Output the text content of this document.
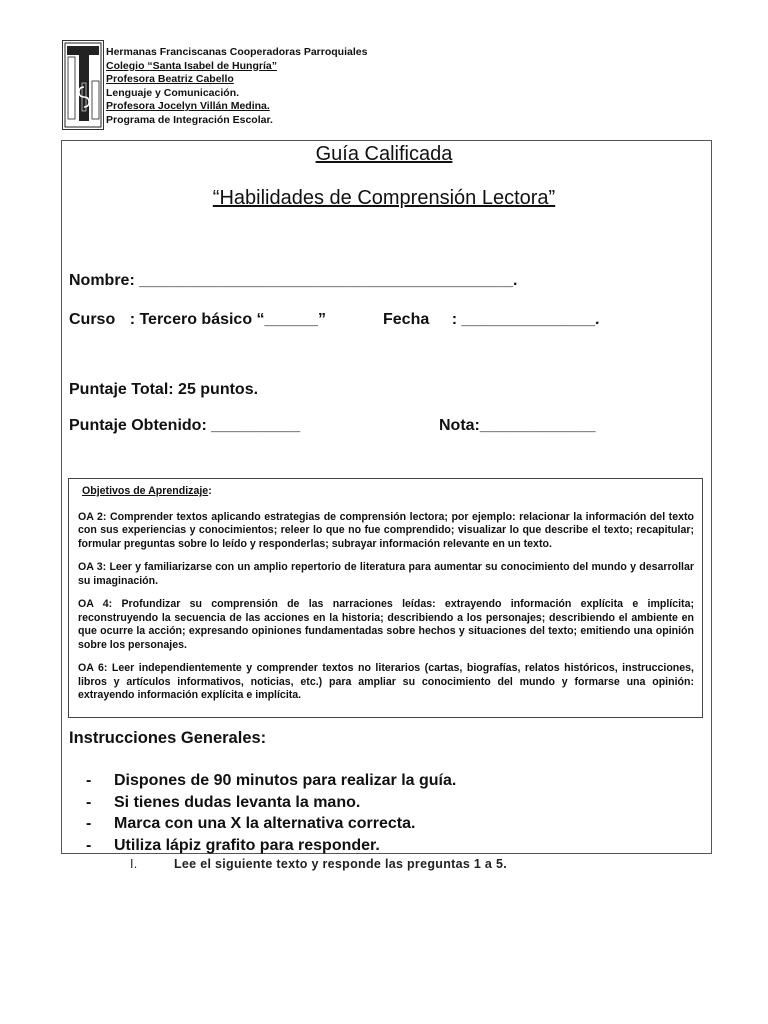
Hermanas Franciscanas Cooperadoras Parroquiales
Colegio “Santa Isabel de Hungría”
Profesora Beatriz Cabello
Lenguaje y Comunicación.
Profesora Jocelyn Villán Medina.
Programa de Integración Escolar.
Guía Calificada
“Habilidades de Comprensión Lectora”
Nombre: __________________________________________.
Curso : Tercero básico “______”	Fecha : _______________.
Puntaje Total: 25 puntos.
Puntaje Obtenido: __________	Nota:_____________
Objetivos de Aprendizaje:

OA 2: Comprender textos aplicando estrategias de comprensión lectora; por ejemplo: relacionar la información del texto con sus experiencias y conocimientos; releer lo que no fue comprendido; visualizar lo que describe el texto; recapitular; formular preguntas sobre lo leído y responderlas; subrayar información relevante en un texto.

OA 3: Leer y familiarizarse con un amplio repertorio de literatura para aumentar su conocimiento del mundo y desarrollar su imaginación.

OA 4: Profundizar su comprensión de las narraciones leídas: extrayendo información explícita e implícita; reconstruyendo la secuencia de las acciones en la historia; describiendo a los personajes; describiendo el ambiente en que ocurre la acción; expresando opiniones fundamentadas sobre hechos y situaciones del texto; emitiendo una opinión sobre los personajes.

OA 6: Leer independientemente y comprender textos no literarios (cartas, biografías, relatos históricos, instrucciones, libros y artículos informativos, noticias, etc.) para ampliar su conocimiento del mundo y formarse una opinión: extrayendo información explícita e implícita.

Instrucciones Generales:
- Dispones de 90 minutos para realizar la guía.
- Si tienes dudas levanta la mano.
- Marca con una X la alternativa correcta.
- Utiliza lápiz grafito para responder.
I.	Lee el siguiente texto y responde las preguntas 1 a 5.
